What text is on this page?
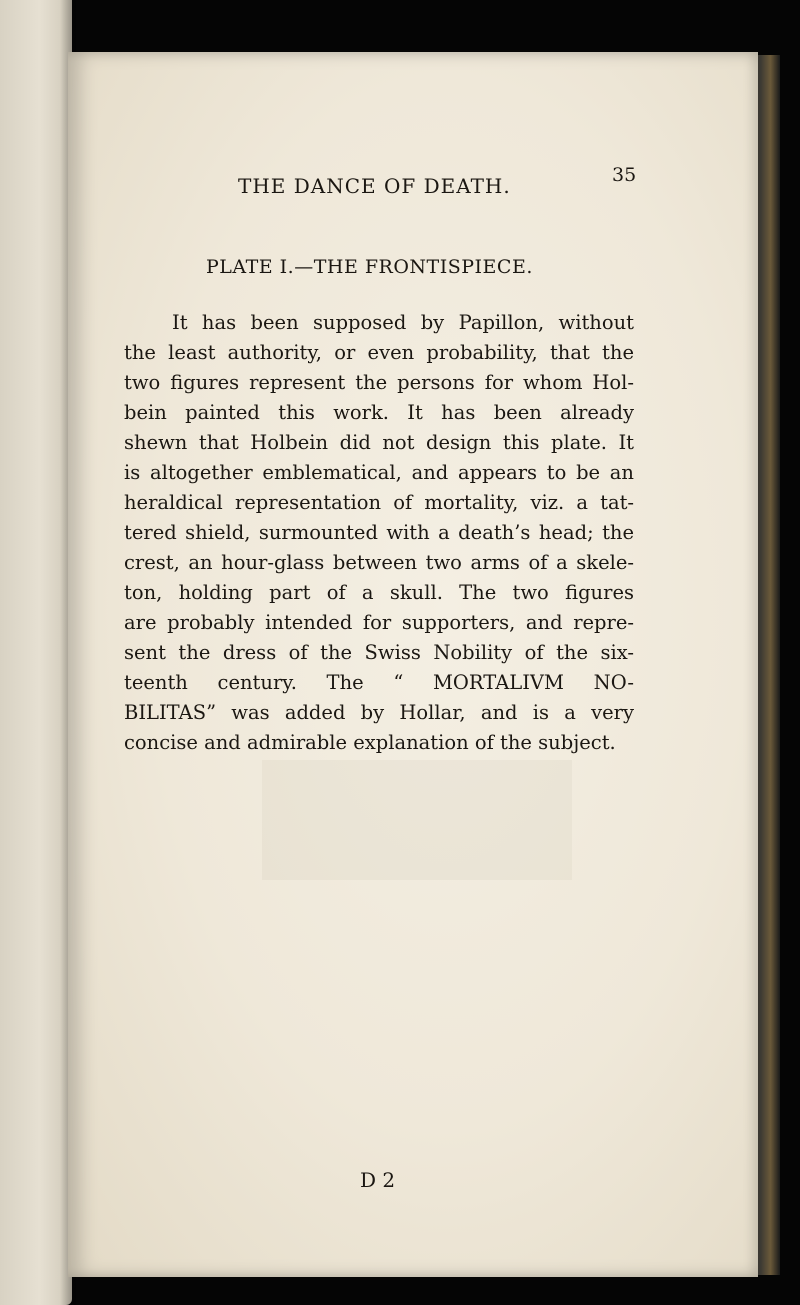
THE DANCE OF DEATH.	35
PLATE I.—THE FRONTISPIECE.
It has been supposed by Papillon, without
the least authority, or even probability, that the
two figures represent the persons for whom Hol-
bein painted this work. It has been already
shewn that Holbein did not design this plate. It
is altogether emblematical, and appears to be an
heraldical representation of mortality, viz. a tat-
tered shield, surmounted with a death’s head; the
crest, an hour-glass between two arms of a skele-
ton, holding part of a skull. The two figures
are probably intended for supporters, and repre-
sent the dress of the Swiss Nobility of the six-
teenth century. The “ MORTALIVM NO-
BILITAS” was added by Hollar, and is a very
concise and admirable explanation of the subject.
D 2
